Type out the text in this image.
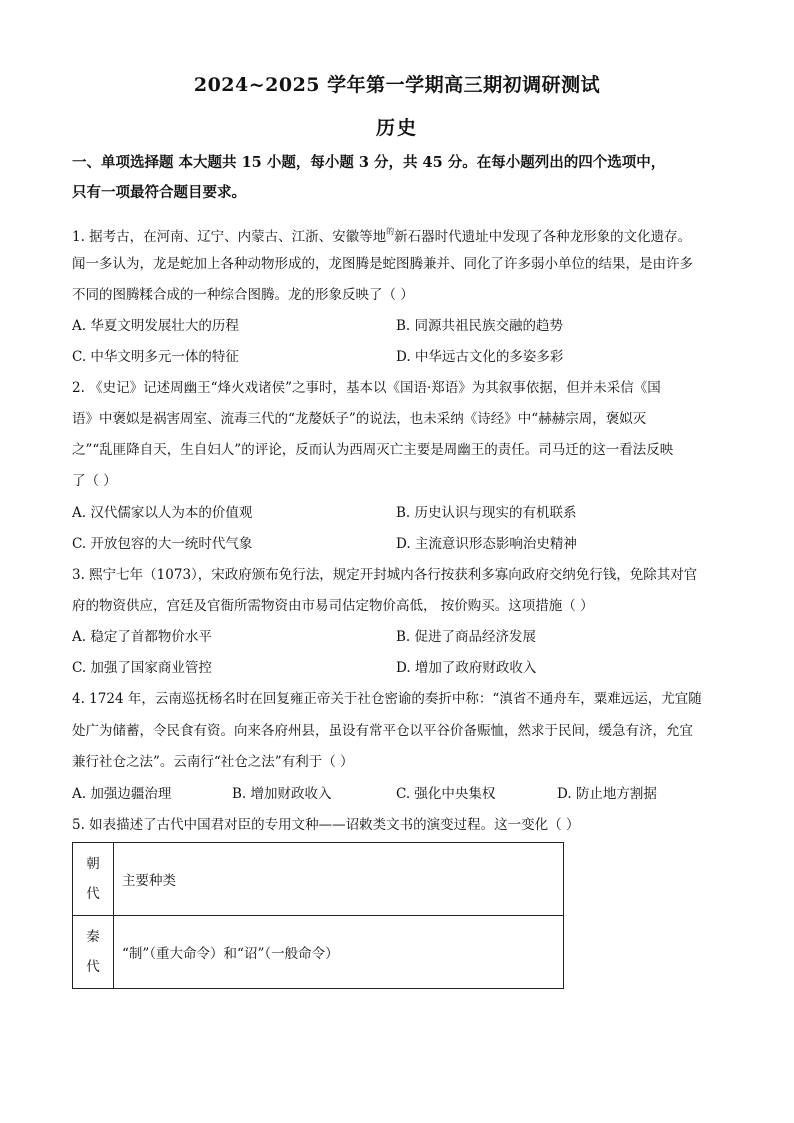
2024~2025 学年第一学期高三期初调研测试
历史
一、单项选择题 本大题共 15 小题，每小题 3 分，共 45 分。在每小题列出的四个选项中，
只有一项最符合题目要求。
1. 据考古，在河南、辽宁、内蒙古、江浙、安徽等地$^的$新石器时代遗址中发现了各种龙形象的文化遗存。
闻一多认为，龙是蛇加上各种动物形成的，龙图腾是蛇图腾兼并、同化了许多弱小单位的结果，是由许多
不同的图腾糅合成的一种综合图腾。龙的形象反映了（ ）
A. 华夏文明发展壮大的历程	B. 同源共祖民族交融的趋势
C. 中华文明多元一体的特征	D. 中华远古文化的多姿多彩
2. 《史记》记述周幽王“烽火戏诸侯”之事时，基本以《国语·郑语》为其叙事依据，但并未采信《国
语》中褒姒是祸害周室、流毒三代的“龙嫠妖子”的说法，也未采纳《诗经》中“赫赫宗周，褒姒灭
之”“乱匪降自天，生自妇人”的评论，反而认为西周灭亡主要是周幽王的责任。司马迁的这一看法反映
了（ ）
A. 汉代儒家以人为本的价值观	B. 历史认识与现实的有机联系
C. 开放包容的大一统时代气象	D. 主流意识形态影响治史精神
3. 熙宁七年（1073），宋政府颁布免行法，规定开封城内各行按获利多寡向政府交纳免行钱，免除其对官
府的物资供应，宫廷及官衙所需物资由市易司估定物价高低， 按价购买。这项措施（ ）
A. 稳定了首都物价水平	B. 促进了商品经济发展
C. 加强了国家商业管控	D. 增加了政府财政收入
4. 1724 年，云南巡抚杨名时在回复雍正帝关于社仓密谕的奏折中称：“滇省不通舟车，粟难远运，尤宜随
处广为储蓄，令民食有资。向来各府州县，虽设有常平仓以平谷价备赈恤，然求于民间，缓急有济，允宜
兼行社仓之法”。云南行“社仓之法”有利于（ ）
A. 加强边疆治理	B. 增加财政收入	C. 强化中央集权	D. 防止地方割据
5. 如表描述了古代中国君对臣的专用文种——诏敕类文书的演变过程。这一变化（ ）
朝
代	主要种类

秦
代	“制”（重大命令）和“诏”（一般命令）
